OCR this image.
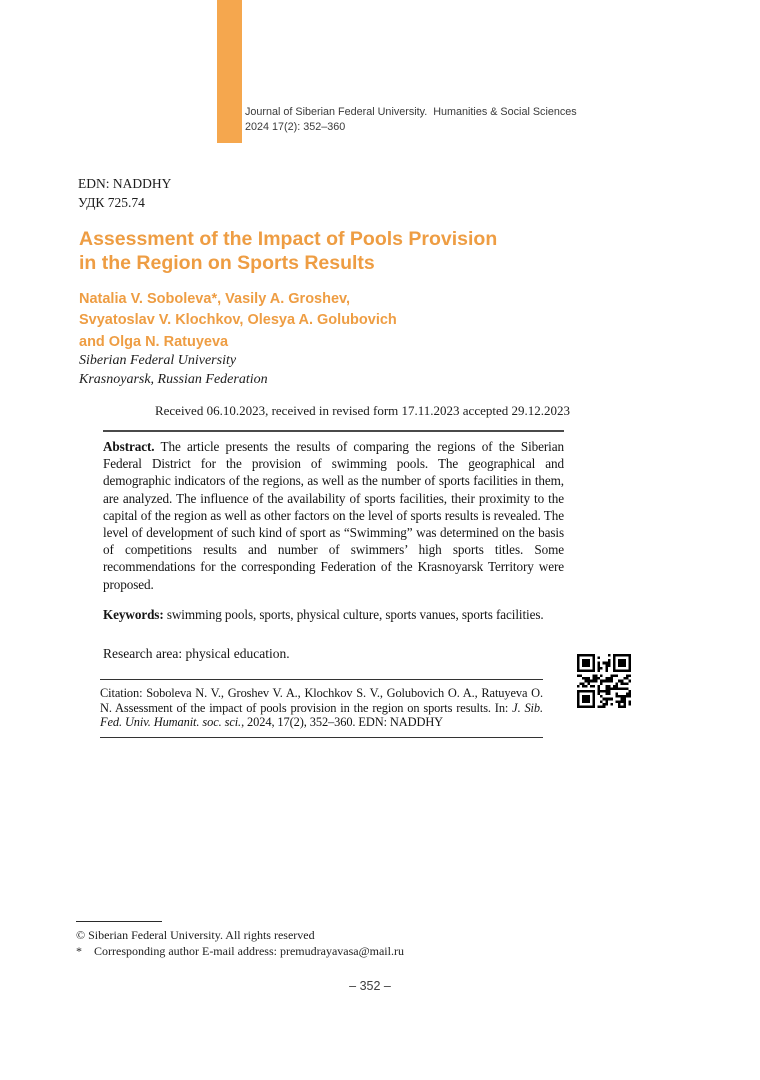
Journal of Siberian Federal University.  Humanities & Social Sciences
2024 17(2): 352–360
EDN: NADDHY
УДК 725.74
Assessment of the Impact of Pools Provision
in the Region on Sports Results
Natalia V. Soboleva*, Vasily A. Groshev,
Svyatoslav V. Klochkov, Olesya A. Golubovich
and Olga N. Ratuyeva
Siberian Federal University
Krasnoyarsk, Russian Federation
Received 06.10.2023, received in revised form 17.11.2023 accepted 29.12.2023

Abstract. The article presents the results of comparing the regions of the Siberian Federal District for the provision of swimming pools. The geographical and demographic indicators of the regions, as well as the number of sports facilities in them, are analyzed. The influence of the availability of sports facilities, their proximity to the capital of the region as well as other factors on the level of sports results is revealed. The level of development of such kind of sport as “Swimming” was determined on the basis of competitions results and number of swimmers’ high sports titles. Some recommendations for the corresponding Federation of the Krasnoyarsk Territory were proposed.

Keywords: swimming pools, sports, physical culture, sports vanues, sports facilities.

Research area: physical education.

Citation: Soboleva N. V., Groshev V. A., Klochkov S. V., Golubovich O. A., Ratuyeva O. N. Assessment of the impact of pools provision in the region on sports results. In: J. Sib. Fed. Univ. Humanit. soc. sci., 2024, 17(2), 352–360. EDN: NADDHY
© Siberian Federal University. All rights reserved
*	Corresponding author E-mail address: premudrayavasa@mail.ru
– 352 –
